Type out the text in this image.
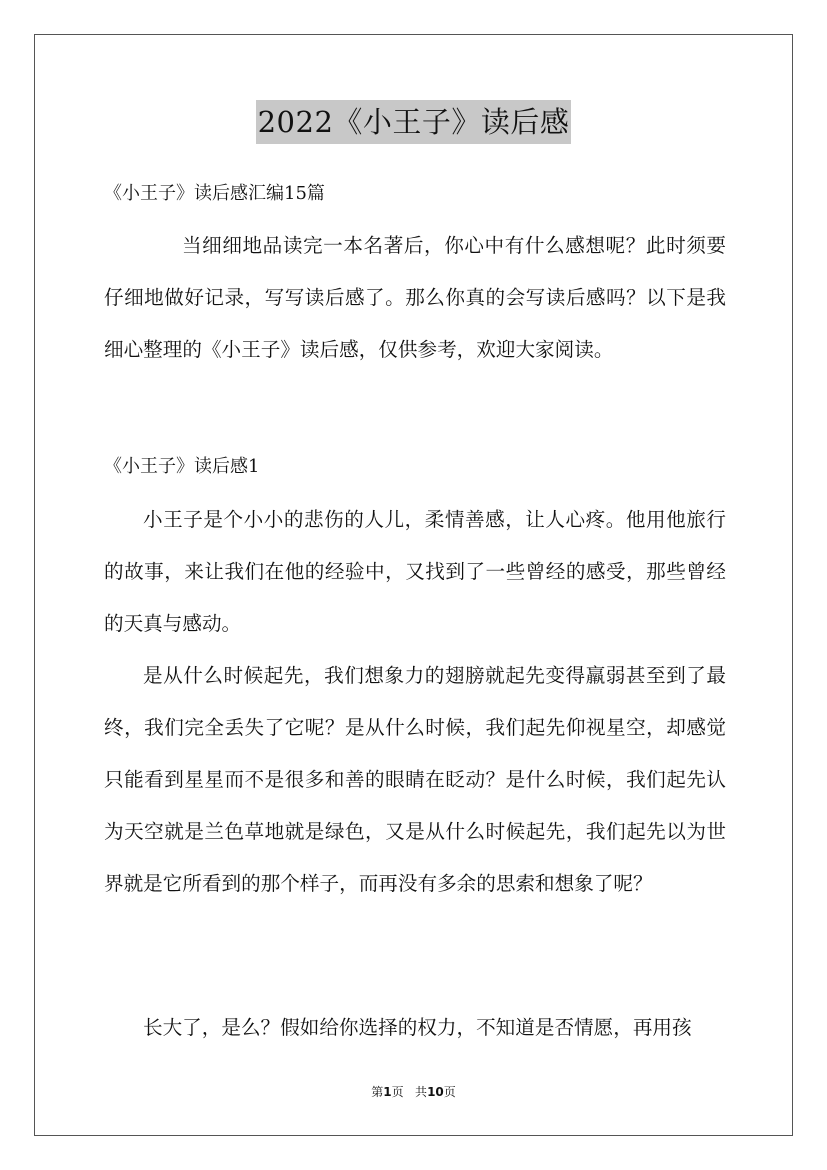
2022《小王子》读后感
《小王子》读后感汇编15篇

当细细地品读完一本名著后，你心中有什么感想呢？此时须要仔细地做好记录，写写读后感了。那么你真的会写读后感吗？以下是我细心整理的《小王子》读后感，仅供参考，欢迎大家阅读。

《小王子》读后感1

小王子是个小小的悲伤的人儿，柔情善感，让人心疼。他用他旅行的故事，来让我们在他的经验中，又找到了一些曾经的感受，那些曾经的天真与感动。

是从什么时候起先，我们想象力的翅膀就起先变得羸弱甚至到了最终，我们完全丢失了它呢？是从什么时候，我们起先仰视星空，却感觉只能看到星星而不是很多和善的眼睛在眨动？是什么时候，我们起先认为天空就是兰色草地就是绿色，又是从什么时候起先，我们起先以为世界就是它所看到的那个样子，而再没有多余的思索和想象了呢？

长大了，是么？假如给你选择的权力，不知道是否情愿，再用孩

第1页 共10页
